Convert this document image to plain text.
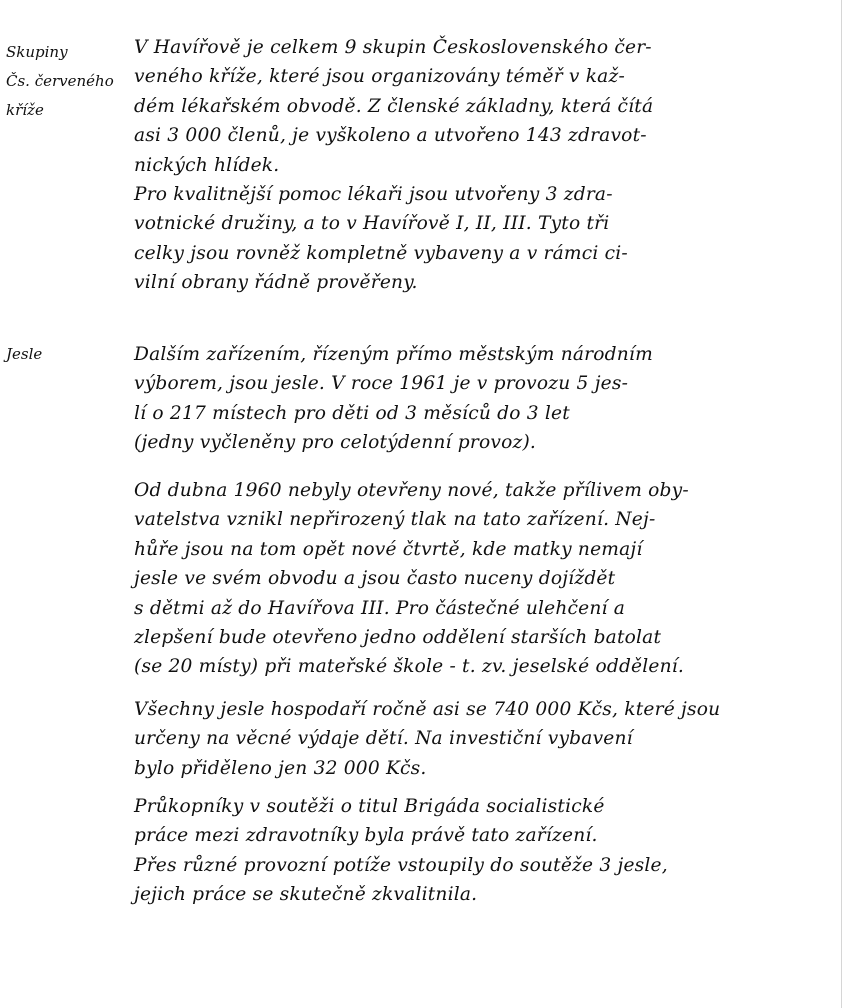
Skupiny
Čs. červeného
kříže
V Havířově je celkem 9 skupin Československého čer-
veného kříže, které jsou organizovány téměř v kaž-
dém lékařském obvodě. Z členské základny, která čítá
asi 3 000 členů, je vyškoleno a utvořeno 143 zdravot-
nických hlídek.
Pro kvalitnější pomoc lékaři jsou utvořeny 3 zdra-
votnické družiny, a to v Havířově I, II, III. Tyto tři
celky jsou rovněž kompletně vybaveny a v rámci ci-
vilní obrany řádně prověřeny.
Jesle	Dalším zařízením, řízeným přímo městským národním
výborem, jsou jesle. V roce 1961 je v provozu 5 jes-
lí o 217 místech pro děti od 3 měsíců do 3 let
(jedny vyčleněny pro celotýdenní provoz).
Od dubna 1960 nebyly otevřeny nové, takže přílivem oby-
vatelstva vznikl nepřirozený tlak na tato zařízení. Nej-
hůře jsou na tom opět nové čtvrtě, kde matky nemají
jesle ve svém obvodu a jsou často nuceny dojíždět
s dětmi až do Havířova III. Pro částečné ulehčení a
zlepšení bude otevřeno jedno oddělení starších batolat
(se 20 místy) při mateřské škole - t. zv. jeselské oddělení.
Všechny jesle hospodaří ročně asi se 740 000 Kčs, které jsou
určeny na věcné výdaje dětí. Na investiční vybavení
bylo přiděleno jen 32 000 Kčs.
Průkopníky v soutěži o titul Brigáda socialistické
práce mezi zdravotníky byla právě tato zařízení.
Přes různé provozní potíže vstoupily do soutěže 3 jesle,
jejich práce se skutečně zkvalitnila.
